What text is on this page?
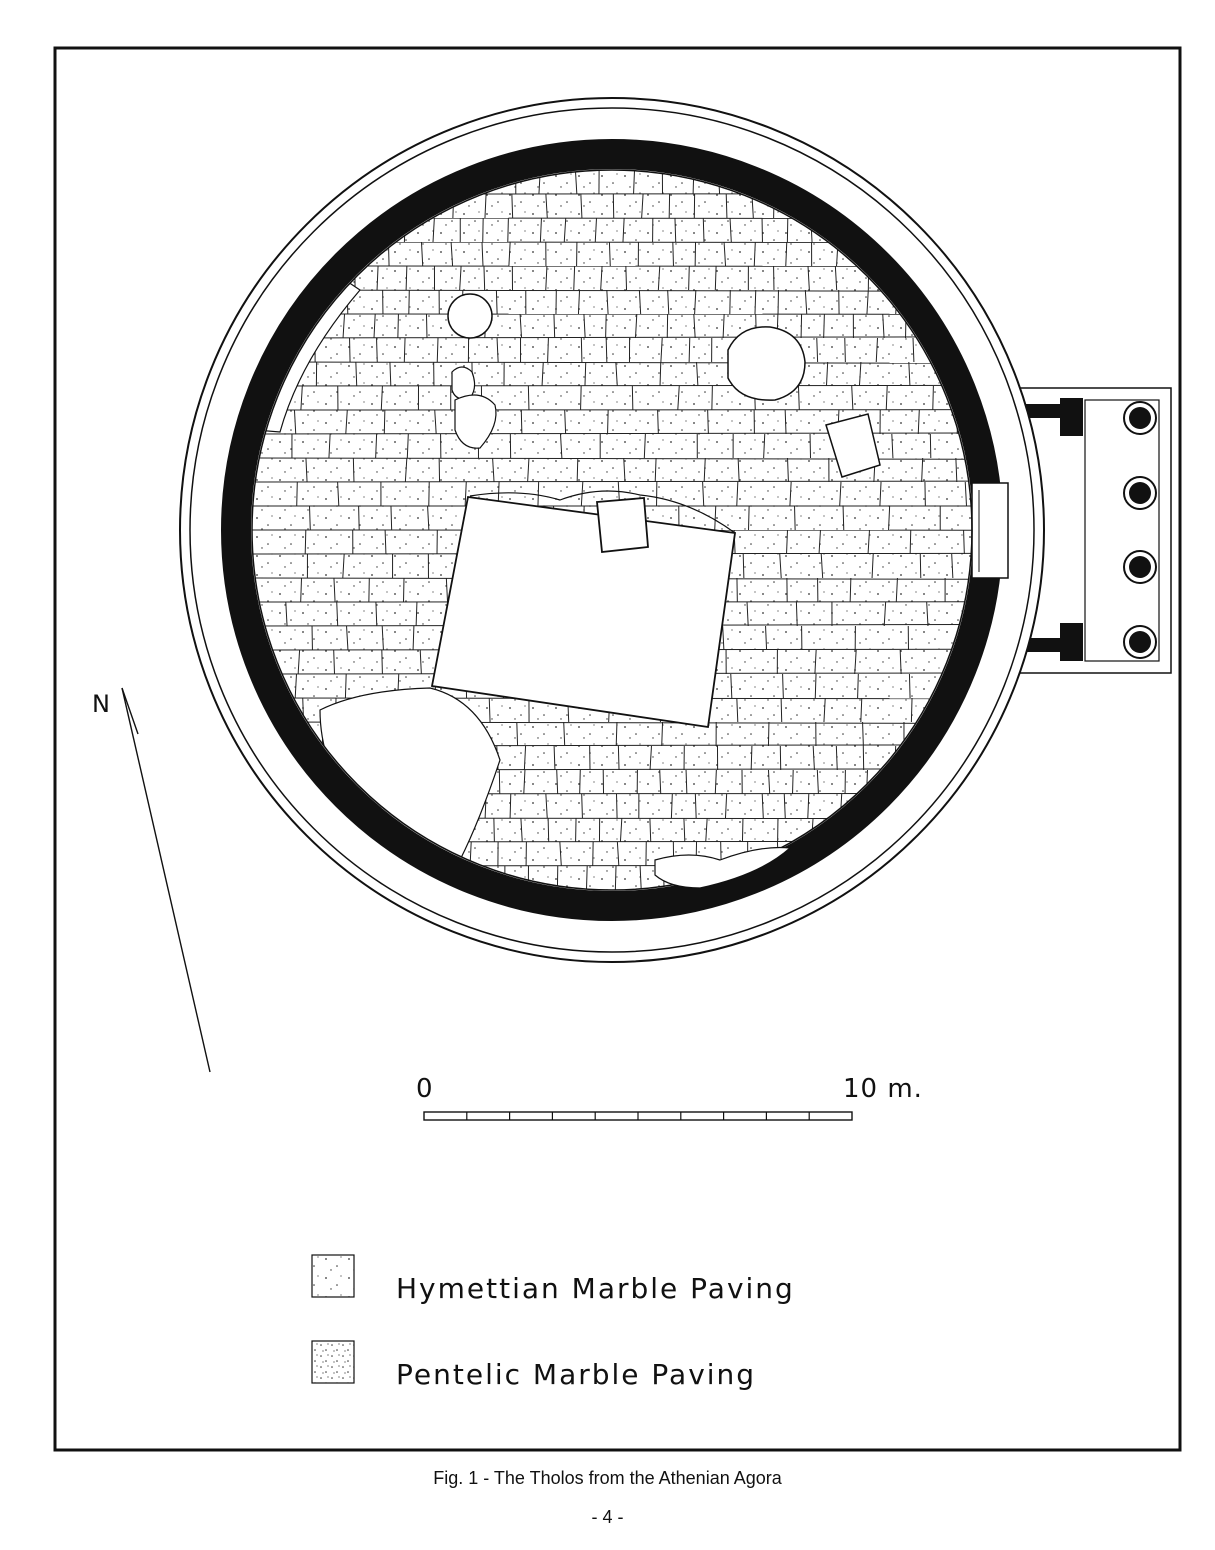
N
0	10 m.
Hymettian Marble Paving
Pentelic Marble Paving
Fig. 1 - The Tholos from the Athenian Agora
- 4 -
